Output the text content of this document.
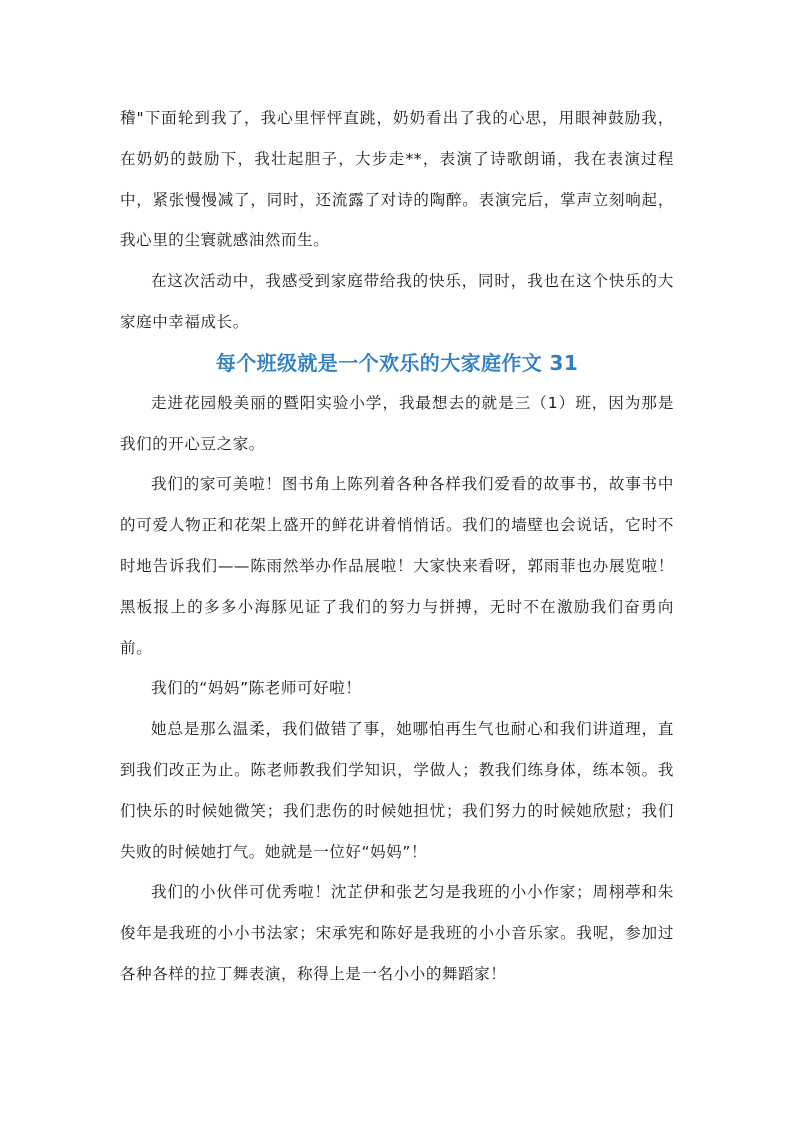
稽"下面轮到我了，我心里怦怦直跳，奶奶看出了我的心思，用眼神鼓励我，在奶奶的鼓励下，我壮起胆子，大步走**，表演了诗歌朗诵，我在表演过程中，紧张慢慢减了，同时，还流露了对诗的陶醉。表演完后，掌声立刻响起，我心里的尘寰就感油然而生。

在这次活动中，我感受到家庭带给我的快乐，同时，我也在这个快乐的大家庭中幸福成长。

每个班级就是一个欢乐的大家庭作文 31

走进花园般美丽的暨阳实验小学，我最想去的就是三（1）班，因为那是我们的开心豆之家。

我们的家可美啦！图书角上陈列着各种各样我们爱看的故事书，故事书中的可爱人物正和花架上盛开的鲜花讲着悄悄话。我们的墙壁也会说话，它时不时地告诉我们——陈雨然举办作品展啦！大家快来看呀，郭雨菲也办展览啦！黑板报上的多多小海豚见证了我们的努力与拼搏，无时不在激励我们奋勇向前。

我们的“妈妈”陈老师可好啦！

她总是那么温柔，我们做错了事，她哪怕再生气也耐心和我们讲道理，直到我们改正为止。陈老师教我们学知识，学做人；教我们练身体，练本领。我们快乐的时候她微笑；我们悲伤的时候她担忧；我们努力的时候她欣慰；我们失败的时候她打气。她就是一位好“妈妈”！

我们的小伙伴可优秀啦！沈芷伊和张艺匀是我班的小小作家；周栩葶和朱俊年是我班的小小书法家；宋承宪和陈好是我班的小小音乐家。我呢，参加过各种各样的拉丁舞表演，称得上是一名小小的舞蹈家！
